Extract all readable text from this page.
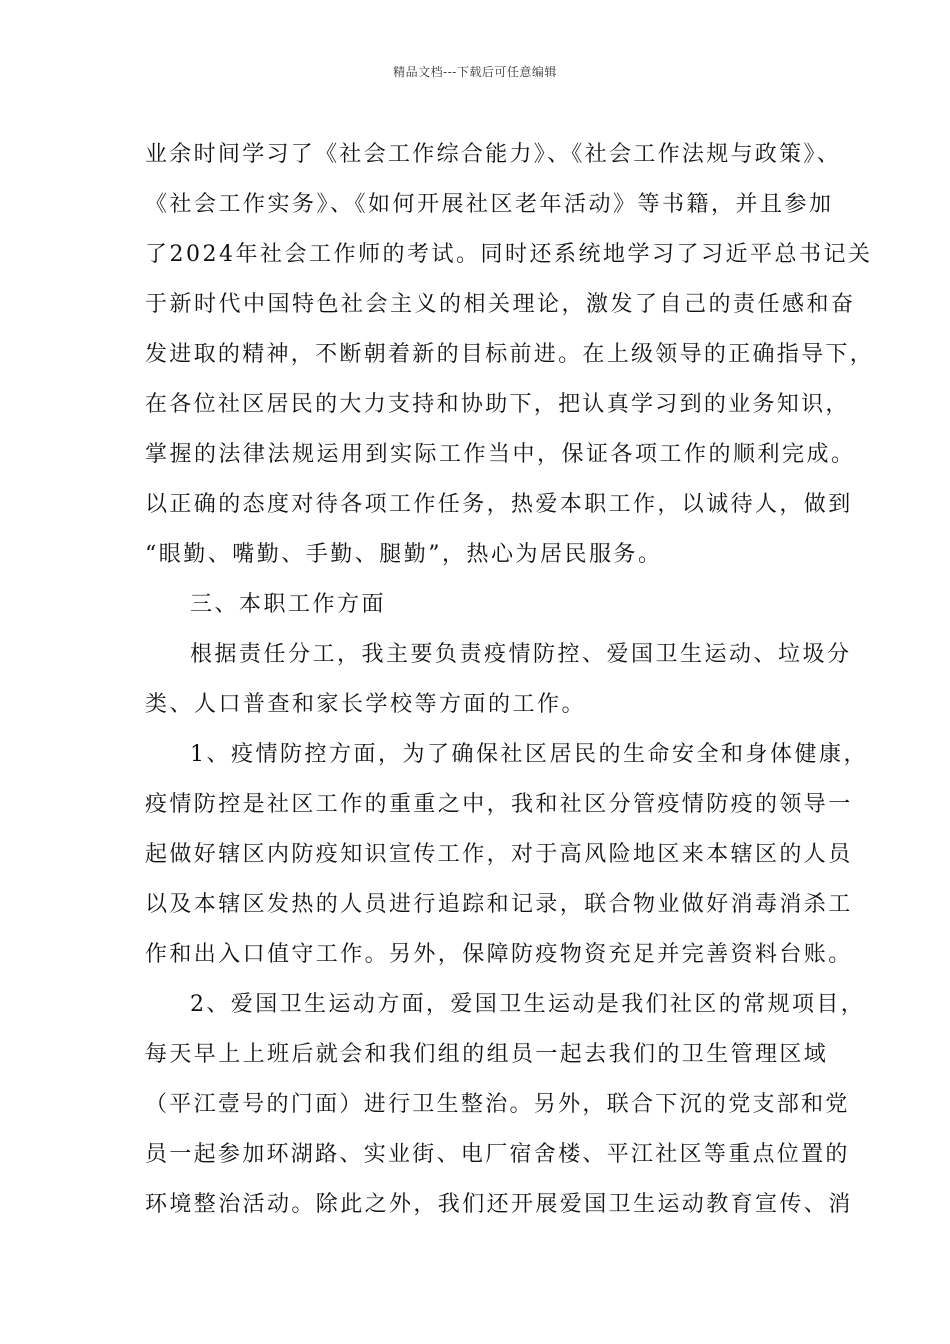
精品文档---下载后可任意编辑
业余时间学习了《社会工作综合能力》、《社会工作法规与政策》、
《社会工作实务》、《如何开展社区老年活动》等书籍，并且参加
了2024年社会工作师的考试。同时还系统地学习了习近平总书记关
于新时代中国特色社会主义的相关理论，激发了自己的责任感和奋
发进取的精神，不断朝着新的目标前进。在上级领导的正确指导下，
在各位社区居民的大力支持和协助下，把认真学习到的业务知识，
掌握的法律法规运用到实际工作当中，保证各项工作的顺利完成。
以正确的态度对待各项工作任务，热爱本职工作，以诚待人，做到
“眼勤、嘴勤、手勤、腿勤”，热心为居民服务。
三、本职工作方面
根据责任分工，我主要负责疫情防控、爱国卫生运动、垃圾分
类、人口普查和家长学校等方面的工作。
1、疫情防控方面，为了确保社区居民的生命安全和身体健康，
疫情防控是社区工作的重重之中，我和社区分管疫情防疫的领导一
起做好辖区内防疫知识宣传工作，对于高风险地区来本辖区的人员
以及本辖区发热的人员进行追踪和记录，联合物业做好消毒消杀工
作和出入口值守工作。另外，保障防疫物资充足并完善资料台账。
2、爱国卫生运动方面，爱国卫生运动是我们社区的常规项目，
每天早上上班后就会和我们组的组员一起去我们的卫生管理区域
（平江壹号的门面）进行卫生整治。另外，联合下沉的党支部和党
员一起参加环湖路、实业街、电厂宿舍楼、平江社区等重点位置的
环境整治活动。除此之外，我们还开展爱国卫生运动教育宣传、消
